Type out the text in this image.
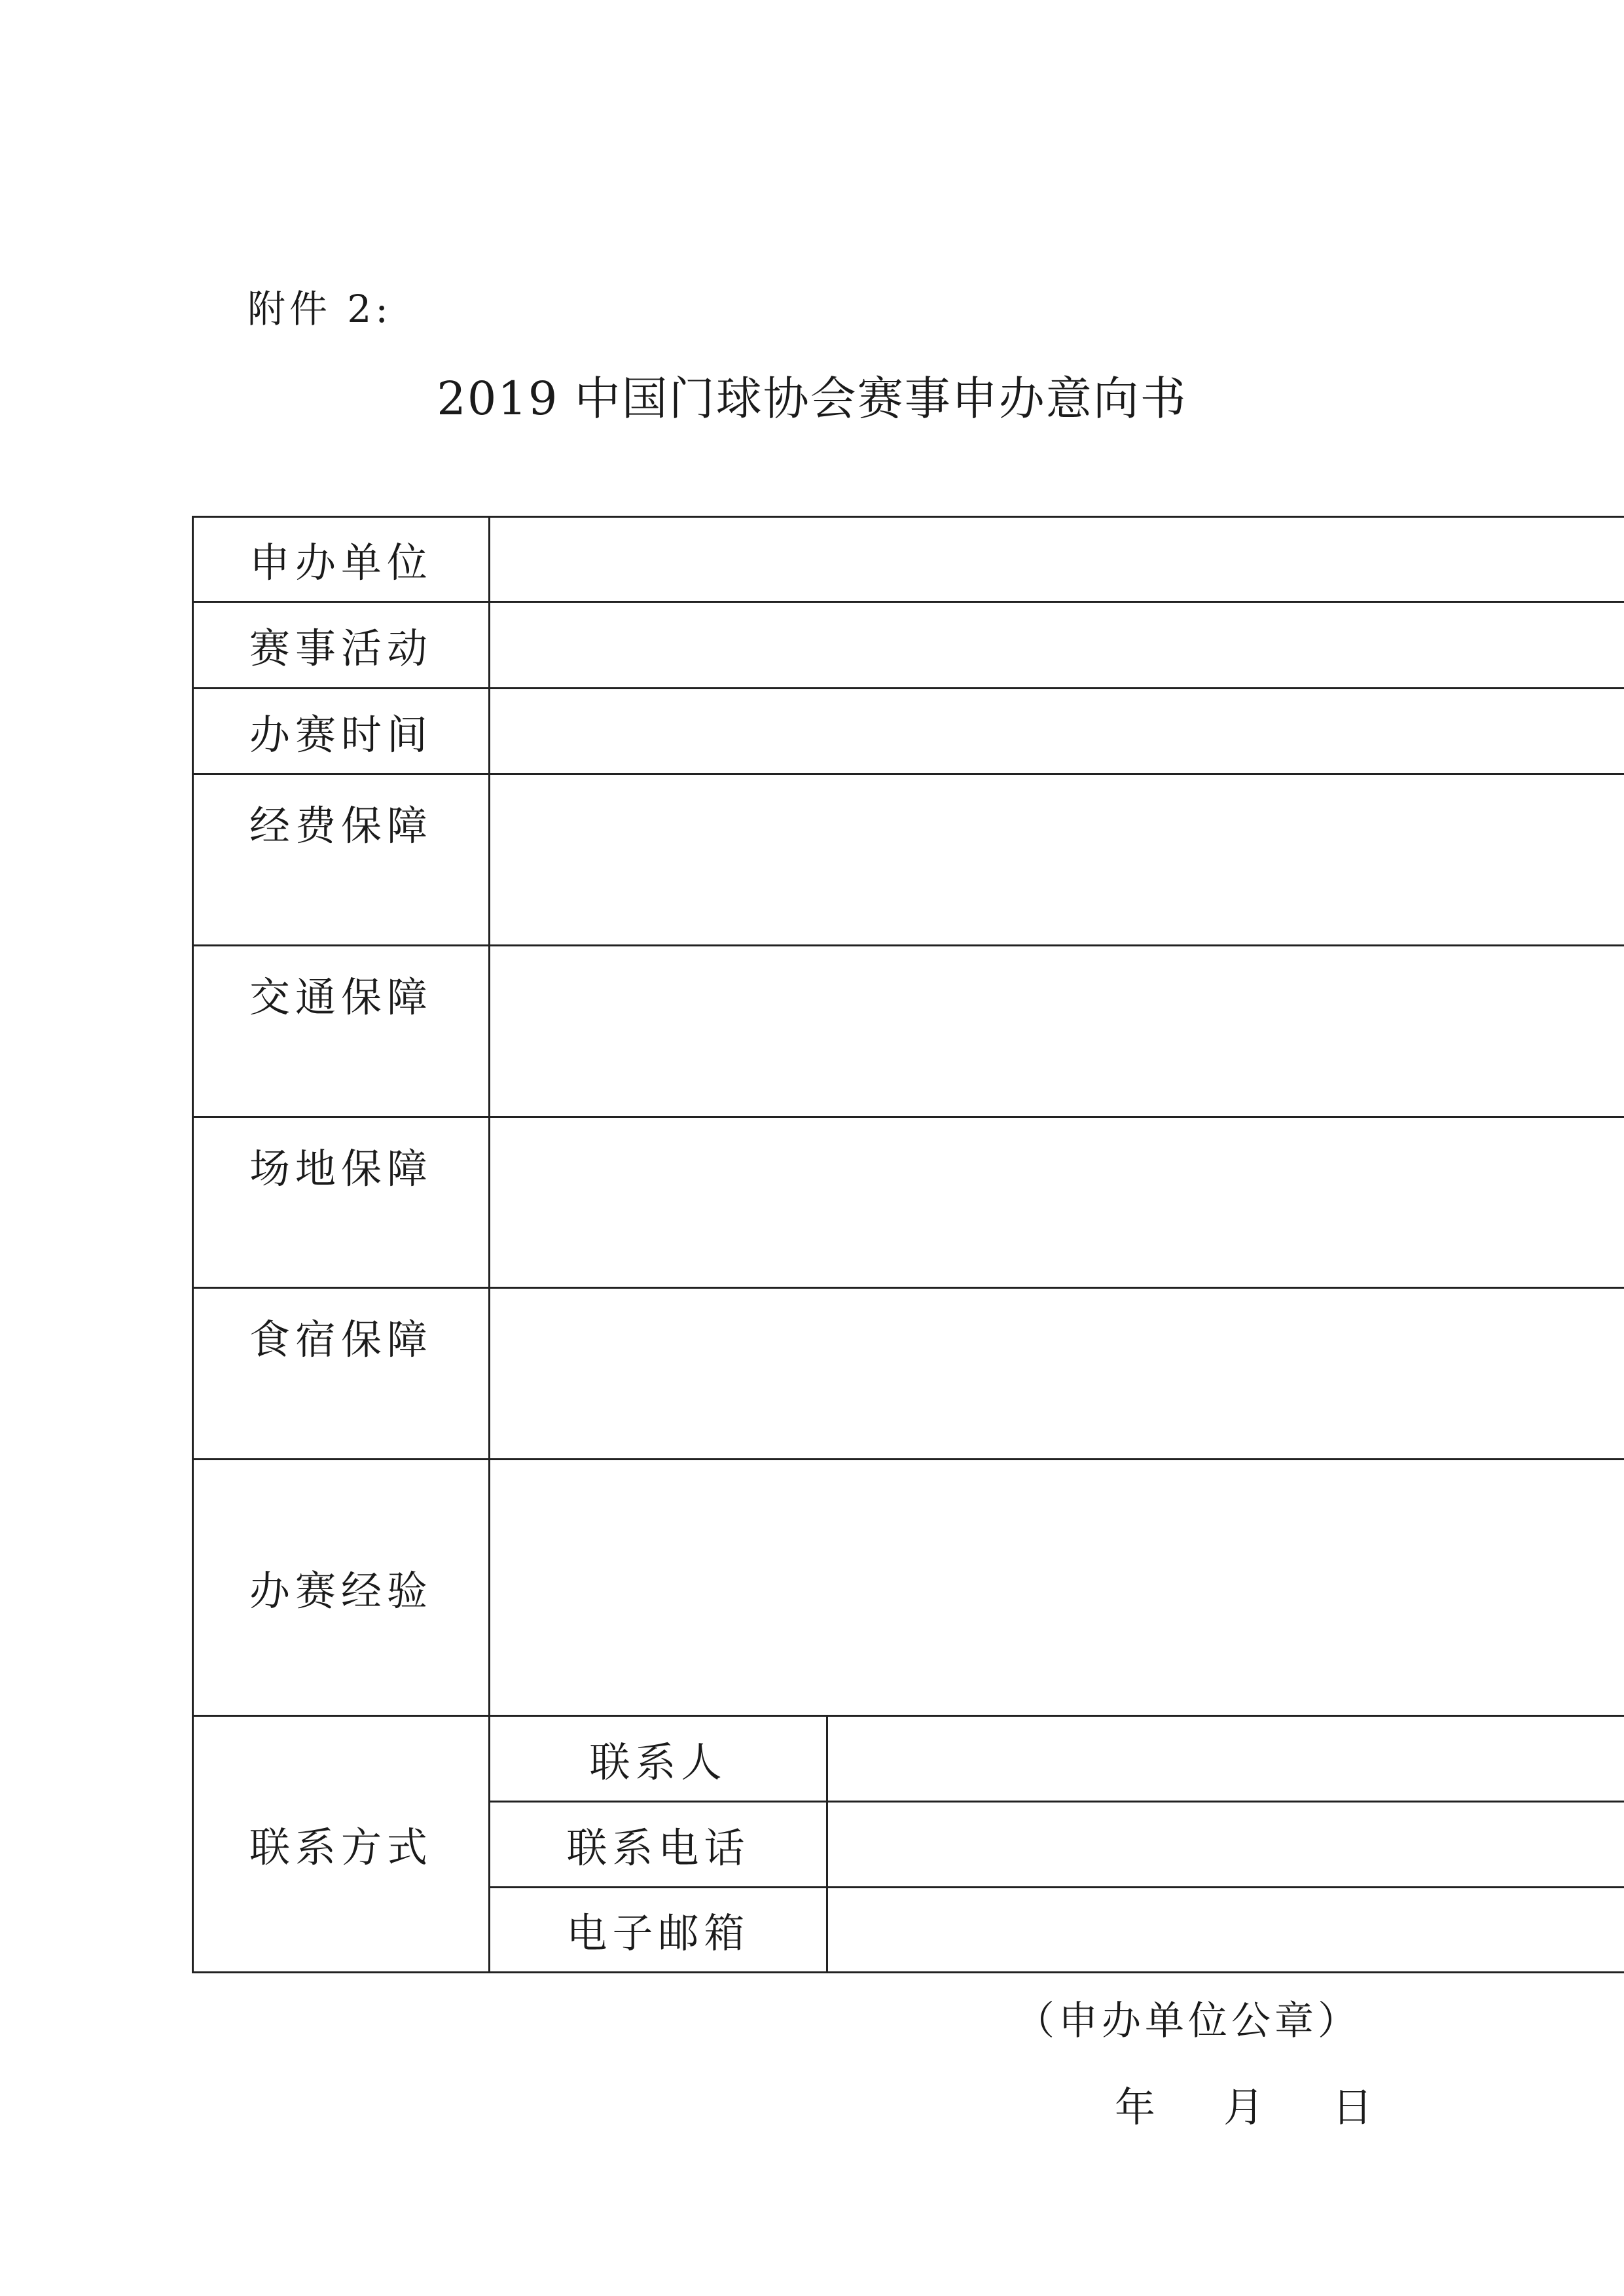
附件 2:
2019 中国门球协会赛事申办意向书
申办单位
赛事活动
办赛时间
经费保障
交通保障
场地保障
食宿保障
办赛经验
联系方式
联系人
联系电话
电子邮箱
（申办单位公章）
年 月 日
